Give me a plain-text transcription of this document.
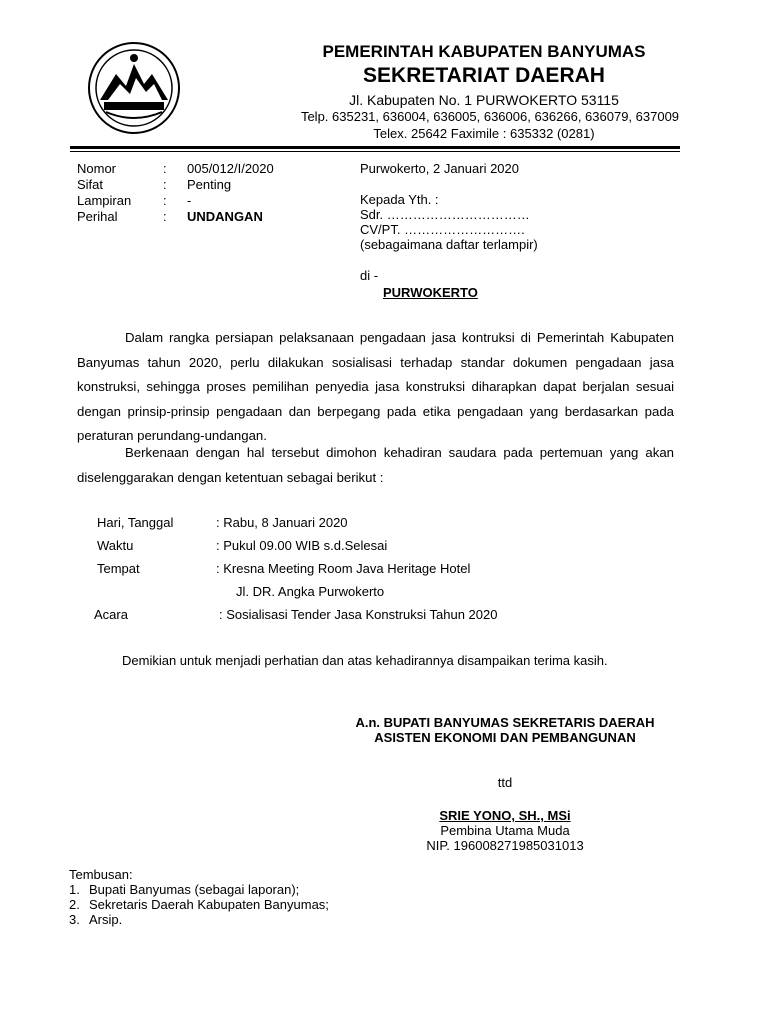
PEMERINTAH KABUPATEN BANYUMAS
SEKRETARIAT DAERAH
Jl. Kabupaten No. 1 PURWOKERTO 53115
Telp. 635231, 636004, 636005, 636006, 636266, 636079, 637009
Telex. 25642 Faximile : 635332 (0281)
Nomor	:	005/012/I/2020
Sifat	:	Penting
Lampiran	:	-
Perihal	:	UNDANGAN
Purwokerto, 2 Januari 2020
Kepada Yth. :
Sdr. ……………………………
CV/PT. ……………………….
(sebagaimana daftar terlampir)
di -
PURWOKERTO
Dalam rangka persiapan pelaksanaan pengadaan jasa kontruksi di Pemerintah Kabupaten Banyumas tahun 2020, perlu dilakukan sosialisasi terhadap standar dokumen pengadaan jasa konstruksi, sehingga proses pemilihan penyedia jasa konstruksi diharapkan dapat berjalan sesuai dengan prinsip-prinsip pengadaan dan berpegang pada etika pengadaan yang berdasarkan pada peraturan perundang-undangan.
Berkenaan dengan hal tersebut dimohon kehadiran saudara pada pertemuan yang akan diselenggarakan dengan ketentuan sebagai berikut :
Hari, Tanggal	: Rabu, 8 Januari 2020
Waktu	: Pukul 09.00 WIB s.d.Selesai
Tempat	: Kresna Meeting Room Java Heritage Hotel
Jl. DR. Angka Purwokerto
Acara	: Sosialisasi Tender Jasa Konstruksi Tahun 2020
Demikian untuk menjadi perhatian dan atas kehadirannya disampaikan terima kasih.
A.n. BUPATI BANYUMAS SEKRETARIS DAERAH
ASISTEN EKONOMI DAN PEMBANGUNAN
ttd
SRIE YONO, SH., MSi
Pembina Utama Muda
NIP. 196008271985031013
Tembusan:
1. Bupati Banyumas (sebagai laporan);
2. Sekretaris Daerah Kabupaten Banyumas;
3. Arsip.
